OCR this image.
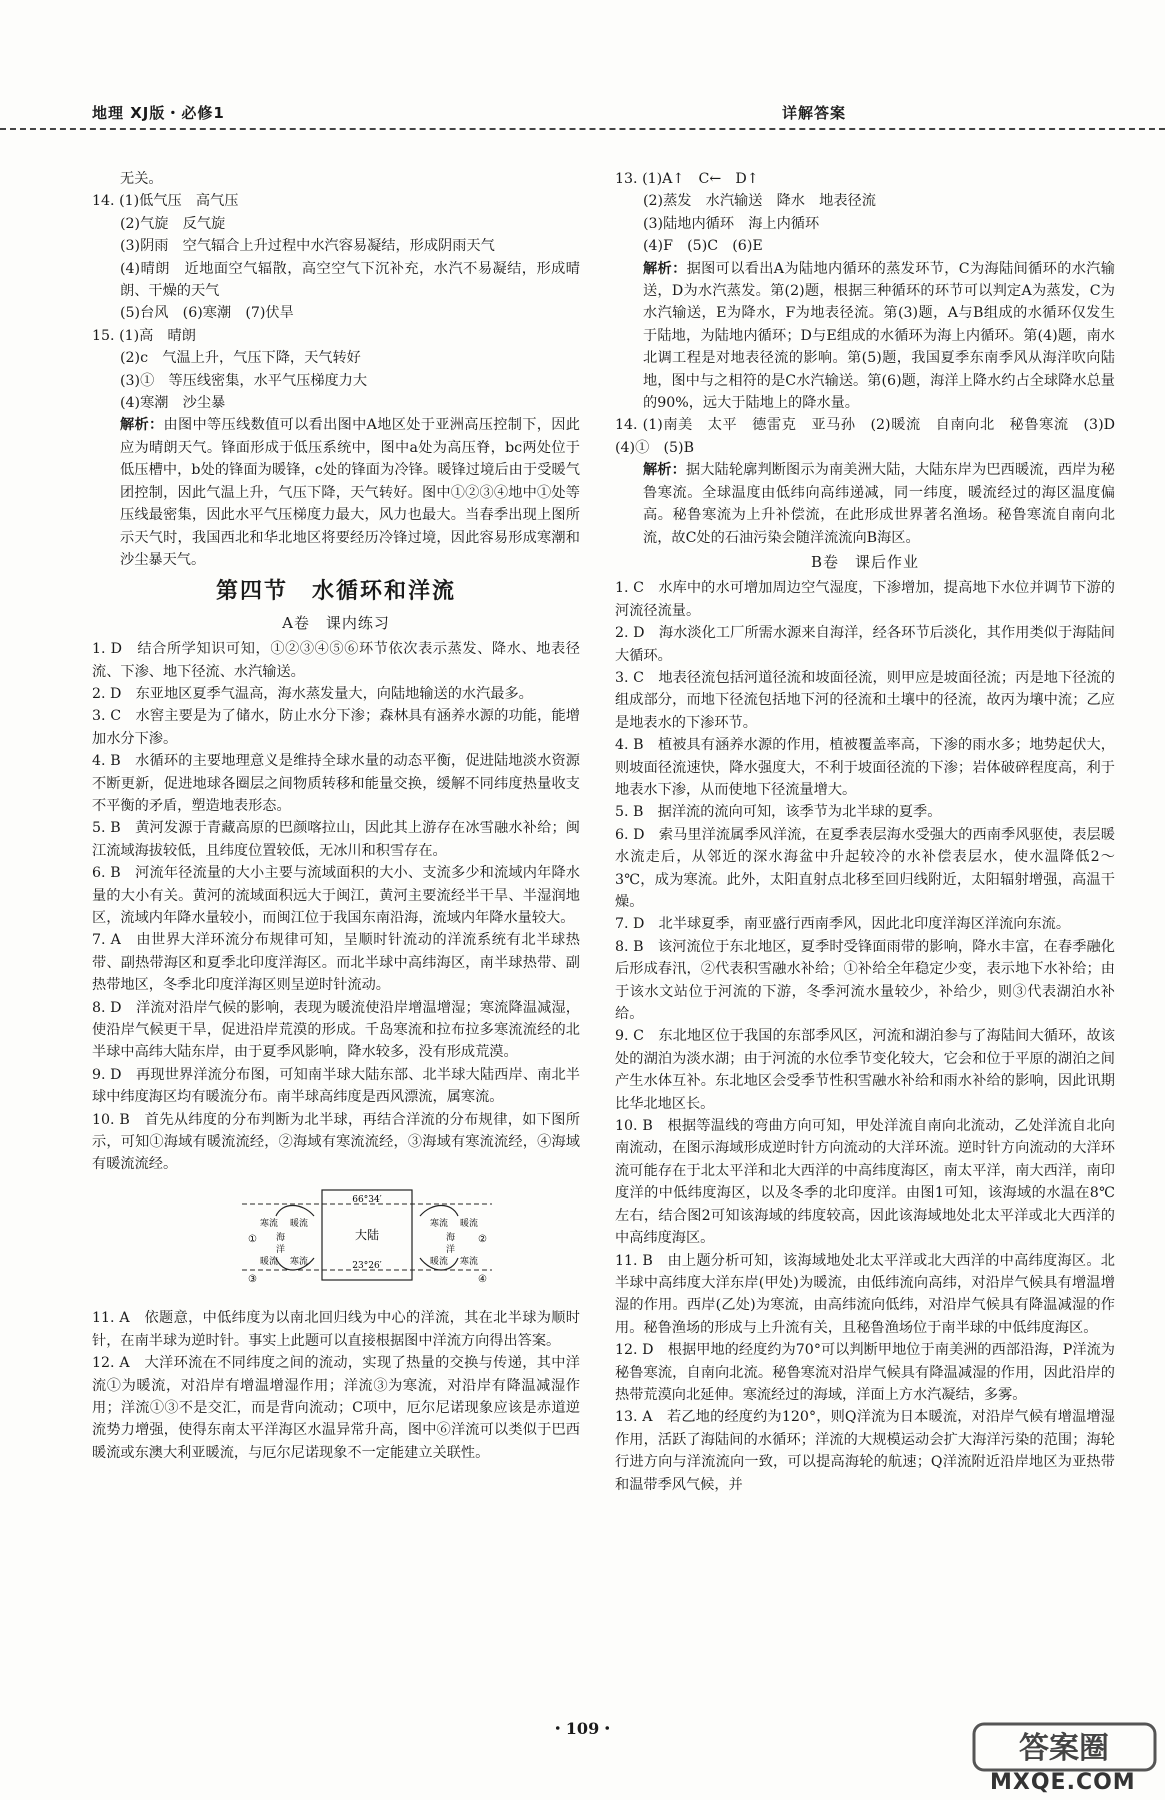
地理 XJ版・必修1	详解答案

无关。

14. (1)低气压　高气压

(2)气旋　反气旋

(3)阴雨　空气辐合上升过程中水汽容易凝结，形成阴雨天气

(4)晴朗　近地面空气辐散，高空空气下沉补充，水汽不易凝结，形成晴朗、干燥的天气

(5)台风　(6)寒潮　(7)伏旱

15. (1)高　晴朗

(2)c　气温上升，气压下降，天气转好

(3)①　等压线密集，水平气压梯度力大

(4)寒潮　沙尘暴

解析：由图中等压线数值可以看出图中A地区处于亚洲高压控制下，因此应为晴朗天气。锋面形成于低压系统中，图中a处为高压脊，bc两处位于低压槽中，b处的锋面为暖锋，c处的锋面为冷锋。暖锋过境后由于受暖气团控制，因此气温上升，气压下降，天气转好。图中①②③④地中①处等压线最密集，因此水平气压梯度力最大，风力也最大。当春季出现上图所示天气时，我国西北和华北地区将要经历冷锋过境，因此容易形成寒潮和沙尘暴天气。

第四节　水循环和洋流
A卷　课内练习

1. D　结合所学知识可知，①②③④⑤⑥环节依次表示蒸发、降水、地表径流、下渗、地下径流、水汽输送。

2. D　东亚地区夏季气温高，海水蒸发量大，向陆地输送的水汽最多。

3. C　水窖主要是为了储水，防止水分下渗；森林具有涵养水源的功能，能增加水分下渗。

4. B　水循环的主要地理意义是维持全球水量的动态平衡，促进陆地淡水资源不断更新，促进地球各圈层之间物质转移和能量交换，缓解不同纬度热量收支不平衡的矛盾，塑造地表形态。

5. B　黄河发源于青藏高原的巴颜喀拉山，因此其上游存在冰雪融水补给；闽江流域海拔较低，且纬度位置较低，无冰川和积雪存在。

6. B　河流年径流量的大小主要与流域面积的大小、支流多少和流域内年降水量的大小有关。黄河的流域面积远大于闽江，黄河主要流经半干旱、半湿润地区，流域内年降水量较小，而闽江位于我国东南沿海，流域内年降水量较大。

7. A　由世界大洋环流分布规律可知，呈顺时针流动的洋流系统有北半球热带、副热带海区和夏季北印度洋海区。而北半球中高纬海区，南半球热带、副热带地区，冬季北印度洋海区则呈逆时针流动。

8. D　洋流对沿岸气候的影响，表现为暖流使沿岸增温增湿；寒流降温减湿，使沿岸气候更干旱，促进沿岸荒漠的形成。千岛寒流和拉布拉多寒流流经的北半球中高纬大陆东岸，由于夏季风影响，降水较多，没有形成荒漠。

9. D　再现世界洋流分布图，可知南半球大陆东部、北半球大陆西岸、南北半球中纬度海区均有暖流分布。南半球高纬度是西风漂流，属寒流。

10. B　首先从纬度的分布判断为北半球，再结合洋流的分布规律，如下图所示，可知①海域有暖流流经，②海域有寒流流经，③海域有寒流流经，④海域有暖流流经。

66°34′
23°26′
大陆
寒流 暖流
海
洋
寒流
暖流
寒流 暖流
海
洋
寒流
暖流
①	②
③	④

11. A　依题意，中低纬度为以南北回归线为中心的洋流，其在北半球为顺时针，在南半球为逆时针。事实上此题可以直接根据图中洋流方向得出答案。

12. A　大洋环流在不同纬度之间的流动，实现了热量的交换与传递，其中洋流①为暖流，对沿岸有增温增湿作用；洋流③为寒流，对沿岸有降温减湿作用；洋流①③不是交汇，而是背向流动；C项中，厄尔尼诺现象应该是赤道逆流势力增强，使得东南太平洋海区水温异常升高，图中⑥洋流可以类似于巴西暖流或东澳大利亚暖流，与厄尔尼诺现象不一定能建立关联性。

13. (1)A↑　C←　D↑

(2)蒸发　水汽输送　降水　地表径流

(3)陆地内循环　海上内循环

(4)F　(5)C　(6)E

解析：据图可以看出A为陆地内循环的蒸发环节，C为海陆间循环的水汽输送，D为水汽蒸发。第(2)题，根据三种循环的环节可以判定A为蒸发，C为水汽输送，E为降水，F为地表径流。第(3)题，A与B组成的水循环仅发生于陆地，为陆地内循环；D与E组成的水循环为海上内循环。第(4)题，南水北调工程是对地表径流的影响。第(5)题，我国夏季东南季风从海洋吹向陆地，图中与之相符的是C水汽输送。第(6)题，海洋上降水约占全球降水总量的90%，远大于陆地上的降水量。

14. (1)南美　太平　德雷克　亚马孙　(2)暖流　自南向北　秘鲁寒流　(3)D　(4)①　(5)B

解析：据大陆轮廓判断图示为南美洲大陆，大陆东岸为巴西暖流，西岸为秘鲁寒流。全球温度由低纬向高纬递减，同一纬度，暖流经过的海区温度偏高。秘鲁寒流为上升补偿流，在此形成世界著名渔场。秘鲁寒流自南向北流，故C处的石油污染会随洋流流向B海区。

B卷　课后作业

1. C　水库中的水可增加周边空气湿度，下渗增加，提高地下水位并调节下游的河流径流量。

2. D　海水淡化工厂所需水源来自海洋，经各环节后淡化，其作用类似于海陆间大循环。

3. C　地表径流包括河道径流和坡面径流，则甲应是坡面径流；丙是地下径流的组成部分，而地下径流包括地下河的径流和土壤中的径流，故丙为壤中流；乙应是地表水的下渗环节。

4. B　植被具有涵养水源的作用，植被覆盖率高，下渗的雨水多；地势起伏大，则坡面径流速快，降水强度大，不利于坡面径流的下渗；岩体破碎程度高，利于地表水下渗，从而使地下径流量增大。

5. B　据洋流的流向可知，该季节为北半球的夏季。

6. D　索马里洋流属季风洋流，在夏季表层海水受强大的西南季风驱使，表层暖水流走后，从邻近的深水海盆中升起较冷的水补偿表层水，使水温降低2～3℃，成为寒流。此外，太阳直射点北移至回归线附近，太阳辐射增强，高温干燥。

7. D　北半球夏季，南亚盛行西南季风，因此北印度洋海区洋流向东流。

8. B　该河流位于东北地区，夏季时受锋面雨带的影响，降水丰富，在春季融化后形成春汛，②代表积雪融水补给；①补给全年稳定少变，表示地下水补给；由于该水文站位于河流的下游，冬季河流水量较少，补给少，则③代表湖泊水补给。

9. C　东北地区位于我国的东部季风区，河流和湖泊参与了海陆间大循环，故该处的湖泊为淡水湖；由于河流的水位季节变化较大，它会和位于平原的湖泊之间产生水体互补。东北地区会受季节性积雪融水补给和雨水补给的影响，因此讯期比华北地区长。

10. B　根据等温线的弯曲方向可知，甲处洋流自南向北流动，乙处洋流自北向南流动，在图示海域形成逆时针方向流动的大洋环流。逆时针方向流动的大洋环流可能存在于北太平洋和北大西洋的中高纬度海区，南太平洋，南大西洋，南印度洋的中低纬度海区，以及冬季的北印度洋。由图1可知，该海域的水温在8℃左右，结合图2可知该海域的纬度较高，因此该海域地处北太平洋或北大西洋的中高纬度海区。

11. B　由上题分析可知，该海域地处北太平洋或北大西洋的中高纬度海区。北半球中高纬度大洋东岸(甲处)为暖流，由低纬流向高纬，对沿岸气候具有增温增湿的作用。西岸(乙处)为寒流，由高纬流向低纬，对沿岸气候具有降温减湿的作用。秘鲁渔场的形成与上升流有关，且秘鲁渔场位于南半球的中低纬度海区。

12. D　根据甲地的经度约为70°可以判断甲地位于南美洲的西部沿海，P洋流为秘鲁寒流，自南向北流。秘鲁寒流对沿岸气候具有降温减湿的作用，因此沿岸的热带荒漠向北延伸。寒流经过的海域，洋面上方水汽凝结，多雾。

13. A　若乙地的经度约为120°，则Q洋流为日本暖流，对沿岸气候有增温增湿作用，活跃了海陆间的水循环；洋流的大规模运动会扩大海洋污染的范围；海轮行进方向与洋流流向一致，可以提高海轮的航速；Q洋流附近沿岸地区为亚热带和温带季风气候，并

・109・
答案圈
MXQE.COM
